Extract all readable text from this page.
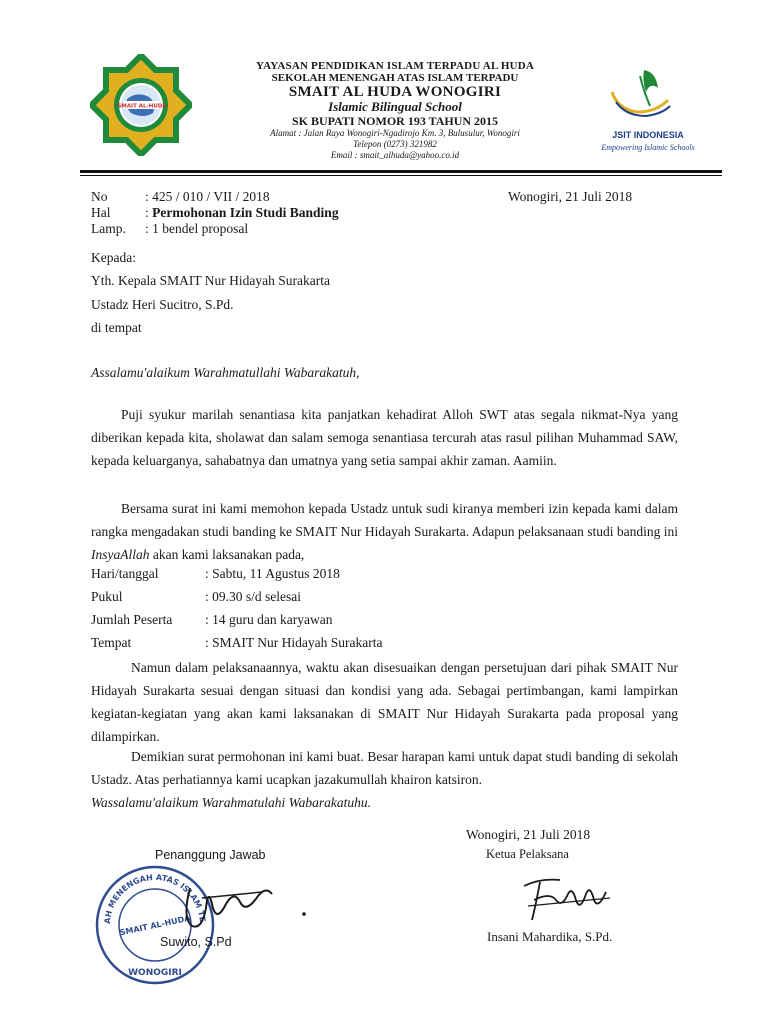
SMAIT AL-HUDA
YAYASAN PENDIDIKAN ISLAM TERPADU AL HUDA
SEKOLAH MENENGAH ATAS ISLAM TERPADU
SMAIT AL HUDA WONOGIRI
Islamic Bilingual School
SK BUPATI NOMOR 193 TAHUN 2015
Alamat : Jalan Raya Wonogiri-Ngadirojo Km. 3, Bulusulur, Wonogiri
Telepon (0273) 321982
Email : smait_alhuda@yahoo.co.id
JSIT INDONESIA
Empowering Islamic Schools
No	: 425 / 010 / VII / 2018	Wonogiri, 21 Juli 2018
Hal	: Permohonan Izin Studi Banding
Lamp. : 1 bendel proposal
Kepada:
Yth. Kepala SMAIT Nur Hidayah Surakarta
Ustadz Heri Sucitro, S.Pd.
di tempat
Assalamu'alaikum Warahmatullahi Wabarakatuh,

Puji syukur marilah senantiasa kita panjatkan kehadirat Alloh SWT atas segala nikmat-Nya yang diberikan kepada kita, sholawat dan salam semoga senantiasa tercurah atas rasul pilihan Muhammad SAW, kepada keluarganya, sahabatnya dan umatnya yang setia sampai akhir zaman. Aamiin.

Bersama surat ini kami memohon kepada Ustadz untuk sudi kiranya memberi izin kepada kami dalam rangka mengadakan studi banding ke SMAIT Nur Hidayah Surakarta. Adapun pelaksanaan studi banding ini InsyaAllah akan kami laksanakan pada,

Hari/tanggal	: Sabtu, 11 Agustus 2018
Pukul	: 09.30 s/d selesai
Jumlah Peserta : 14 guru dan karyawan
Tempat	: SMAIT Nur Hidayah Surakarta

Namun dalam pelaksanaannya, waktu akan disesuaikan dengan persetujuan dari pihak SMAIT Nur Hidayah Surakarta sesuai dengan situasi dan kondisi yang ada. Sebagai pertimbangan, kami lampirkan kegiatan-kegiatan yang akan kami laksanakan di SMAIT Nur Hidayah Surakarta pada proposal yang dilampirkan.

Demikian surat permohonan ini kami buat. Besar harapan kami untuk dapat studi banding di sekolah Ustadz. Atas perhatiannya kami ucapkan jazakumullah khairon katsiron.

Wassalamu'alaikum Warahmatulahi Wabarakatuhu.
Wonogiri, 21 Juli 2018
Ketua Pelaksana
Penanggung Jawab
AH MENENGAH ATAS ISLAM TE
SMAIT AL-HUDA
WONOGIRI
Suwito, S.Pd	Insani Mahardika, S.Pd.
